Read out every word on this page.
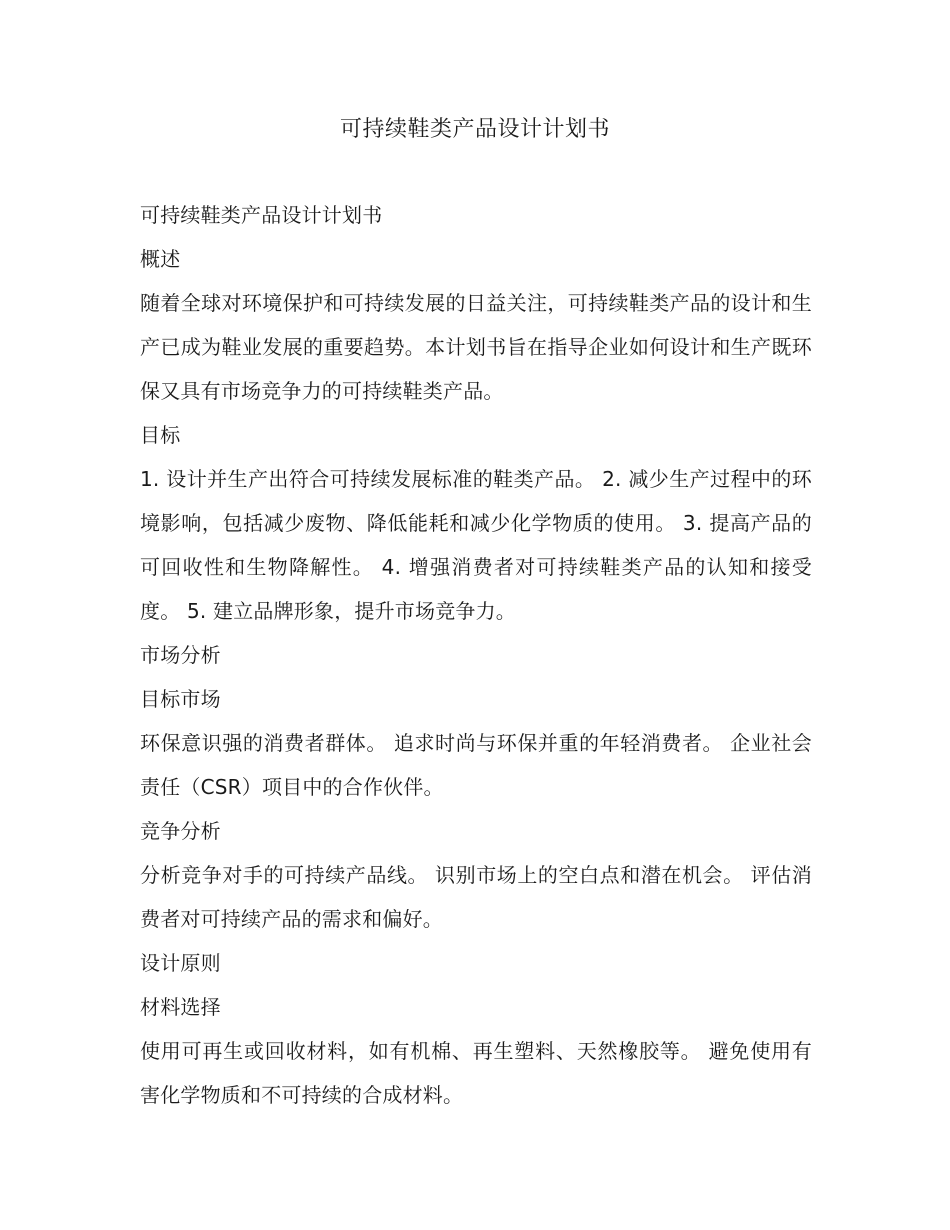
可持续鞋类产品设计计划书
可持续鞋类产品设计计划书
概述

随着全球对环境保护和可持续发展的日益关注，可持续鞋类产品的设计和生产已成为鞋业发展的重要趋势。本计划书旨在指导企业如何设计和生产既环保又具有市场竞争力的可持续鞋类产品。

目标

1. 设计并生产出符合可持续发展标准的鞋类产品。 2. 减少生产过程中的环境影响，包括减少废物、降低能耗和减少化学物质的使用。 3. 提高产品的可回收性和生物降解性。 4. 增强消费者对可持续鞋类产品的认知和接受度。 5. 建立品牌形象，提升市场竞争力。

市场分析
目标市场

环保意识强的消费者群体。 追求时尚与环保并重的年轻消费者。 企业社会责任（CSR）项目中的合作伙伴。

竞争分析

分析竞争对手的可持续产品线。 识别市场上的空白点和潜在机会。 评估消费者对可持续产品的需求和偏好。

设计原则
材料选择

使用可再生或回收材料，如有机棉、再生塑料、天然橡胶等。 避免使用有害化学物质和不可持续的合成材料。
